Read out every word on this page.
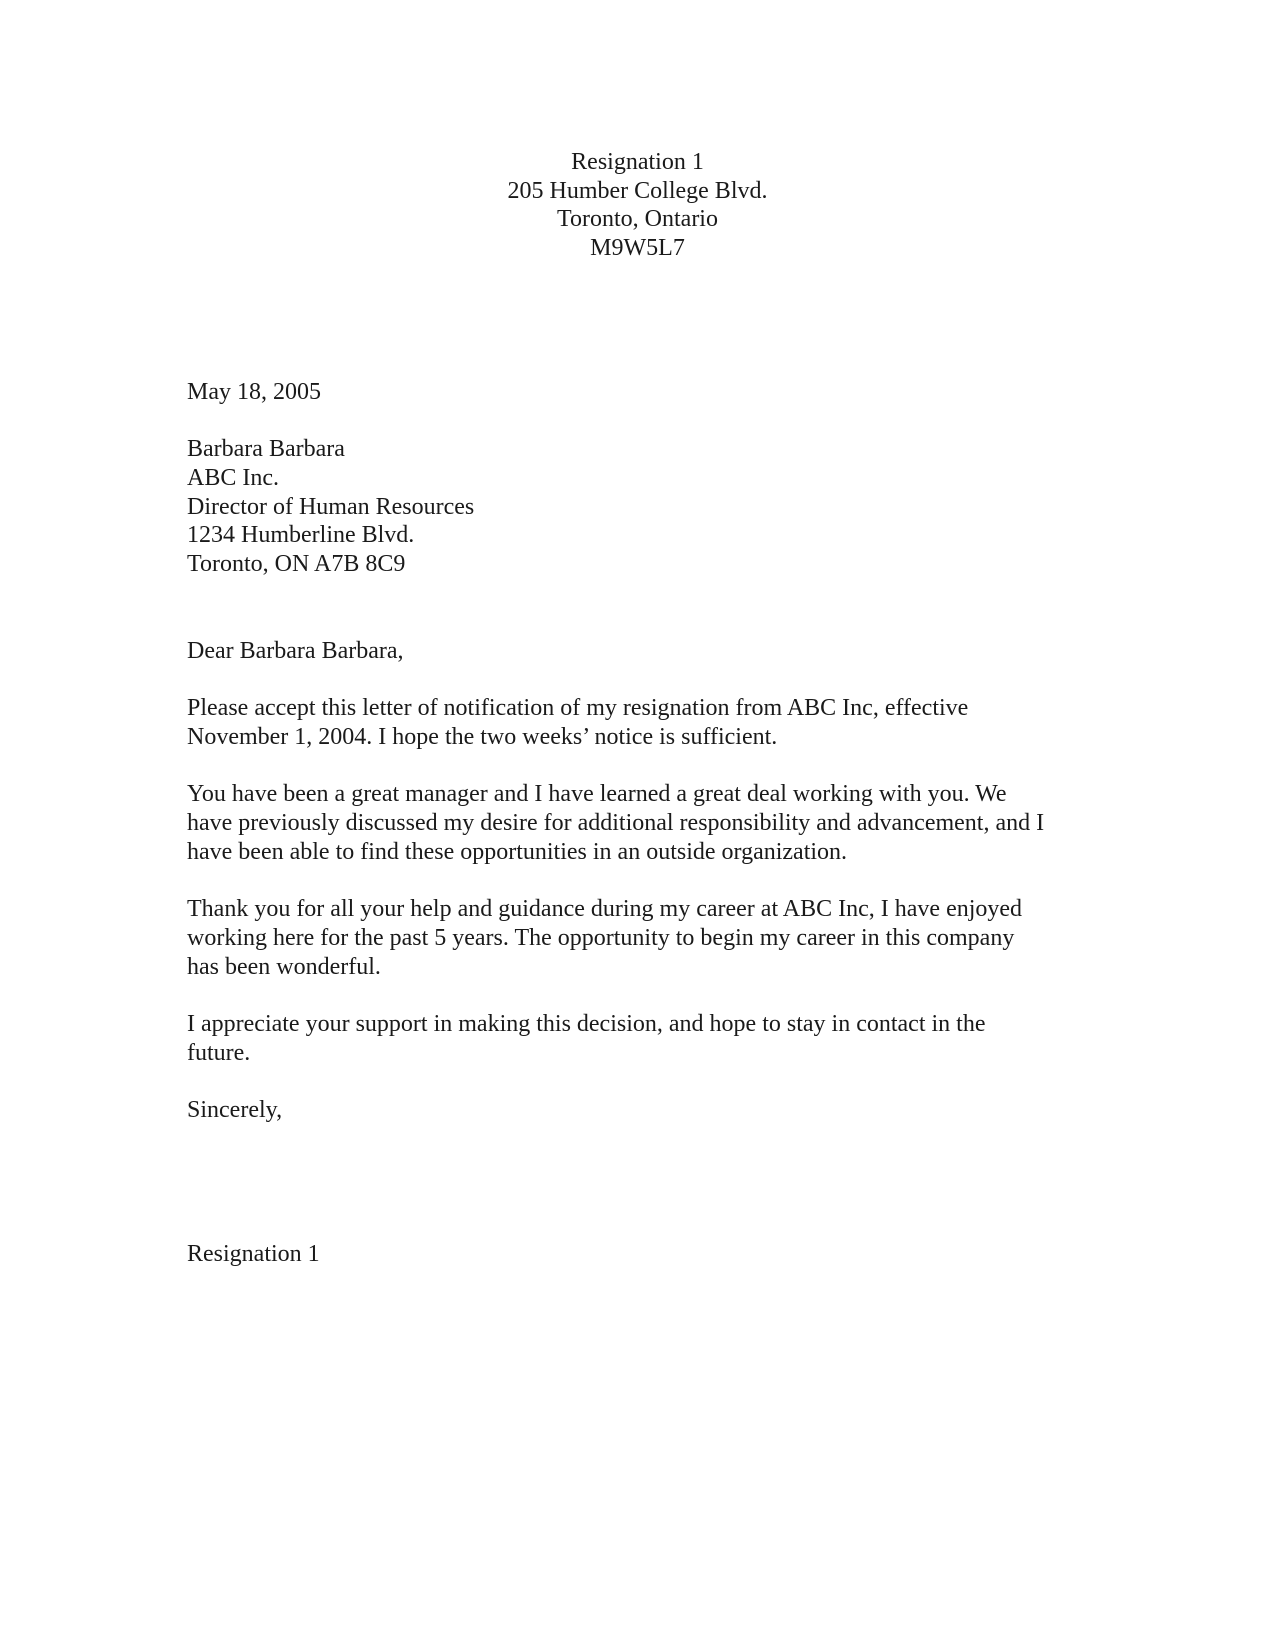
Resignation 1
205 Humber College Blvd.
Toronto, Ontario
M9W5L7
May 18, 2005
Barbara Barbara
ABC Inc.
Director of Human Resources
1234 Humberline Blvd.
Toronto, ON A7B 8C9
Dear Barbara Barbara,
Please accept this letter of notification of my resignation from ABC Inc, effective
November 1, 2004. I hope the two weeks’ notice is sufficient.
You have been a great manager and I have learned a great deal working with you. We
have previously discussed my desire for additional responsibility and advancement, and I
have been able to find these opportunities in an outside organization.
Thank you for all your help and guidance during my career at ABC Inc, I have enjoyed
working here for the past 5 years. The opportunity to begin my career in this company
has been wonderful.
I appreciate your support in making this decision, and hope to stay in contact in the
future.
Sincerely,
Resignation 1
